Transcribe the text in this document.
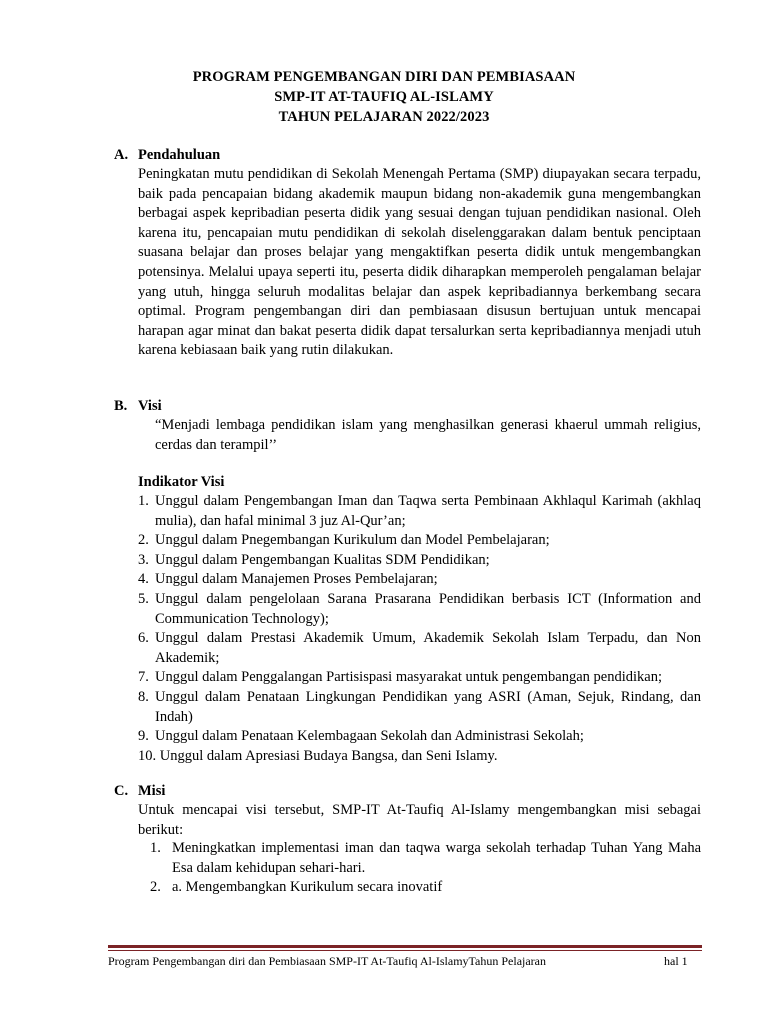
PROGRAM PENGEMBANGAN DIRI DAN PEMBIASAAN
SMP-IT AT-TAUFIQ AL-ISLAMY
TAHUN PELAJARAN 2022/2023
A. Pendahuluan
Peningkatan mutu pendidikan di Sekolah Menengah Pertama (SMP) diupayakan secara terpadu, baik pada pencapaian bidang akademik maupun bidang non-akademik guna mengembangkan berbagai aspek kepribadian peserta didik yang sesuai dengan tujuan pendidikan nasional. Oleh karena itu, pencapaian mutu pendidikan di sekolah diselenggarakan dalam bentuk penciptaan suasana belajar dan proses belajar yang mengaktifkan peserta didik untuk mengembangkan potensinya. Melalui upaya seperti itu, peserta didik diharapkan memperoleh pengalaman belajar yang utuh, hingga seluruh modalitas belajar dan aspek kepribadiannya berkembang secara optimal. Program pengembangan diri dan pembiasaan disusun bertujuan untuk mencapai harapan agar minat dan bakat peserta didik dapat tersalurkan serta kepribadiannya menjadi utuh karena kebiasaan baik yang rutin dilakukan.
B. Visi
“Menjadi lembaga pendidikan islam yang menghasilkan generasi khaerul ummah religius, cerdas dan terampil’’
Indikator Visi
1. Unggul dalam Pengembangan Iman dan Taqwa serta Pembinaan Akhlaqul Karimah (akhlaq mulia), dan hafal minimal 3 juz Al-Qur’an;
2. Unggul dalam Pnegembangan Kurikulum dan Model Pembelajaran;
3. Unggul dalam Pengembangan Kualitas SDM Pendidikan;
4. Unggul dalam Manajemen Proses Pembelajaran;
5. Unggul dalam pengelolaan Sarana Prasarana Pendidikan berbasis ICT (Information and Communication Technology);
6. Unggul dalam Prestasi Akademik Umum, Akademik Sekolah Islam Terpadu, dan Non Akademik;
7. Unggul dalam Penggalangan Partisispasi masyarakat untuk pengembangan pendidikan;
8. Unggul dalam Penataan Lingkungan Pendidikan yang ASRI (Aman, Sejuk, Rindang, dan Indah)
9. Unggul dalam Penataan Kelembagaan Sekolah dan Administrasi Sekolah;
10. Unggul dalam Apresiasi Budaya Bangsa, dan Seni Islamy.
C. Misi
Untuk mencapai visi tersebut, SMP-IT At-Taufiq Al-Islamy mengembangkan misi sebagai berikut:
1. Meningkatkan implementasi iman dan taqwa warga sekolah terhadap Tuhan Yang Maha Esa dalam kehidupan sehari-hari.
2. a. Mengembangkan Kurikulum secara inovatif
Program Pengembangan diri dan Pembiasaan SMP-IT At-Taufiq Al-IslamyTahun Pelajaran	hal 1
